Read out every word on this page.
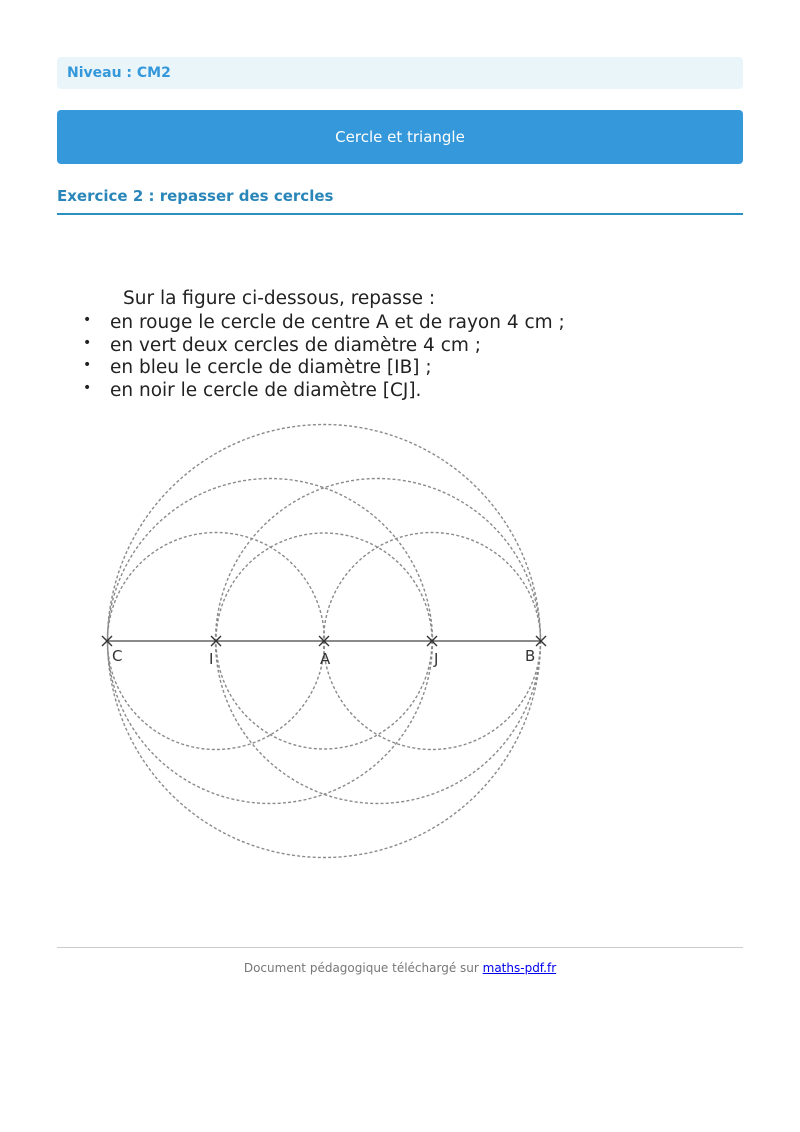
Niveau : CM2
Cercle et triangle
Exercice 2 : repasser des cercles
Sur la figure ci-dessous, repasse :
• en rouge le cercle de centre A et de rayon 4 cm ;
• en vert deux cercles de diamètre 4 cm ;
• en bleu le cercle de diamètre [IB] ;
• en noir le cercle de diamètre [CJ].
C	I	A	J	B
Document pédagogique téléchargé sur maths-pdf.fr
